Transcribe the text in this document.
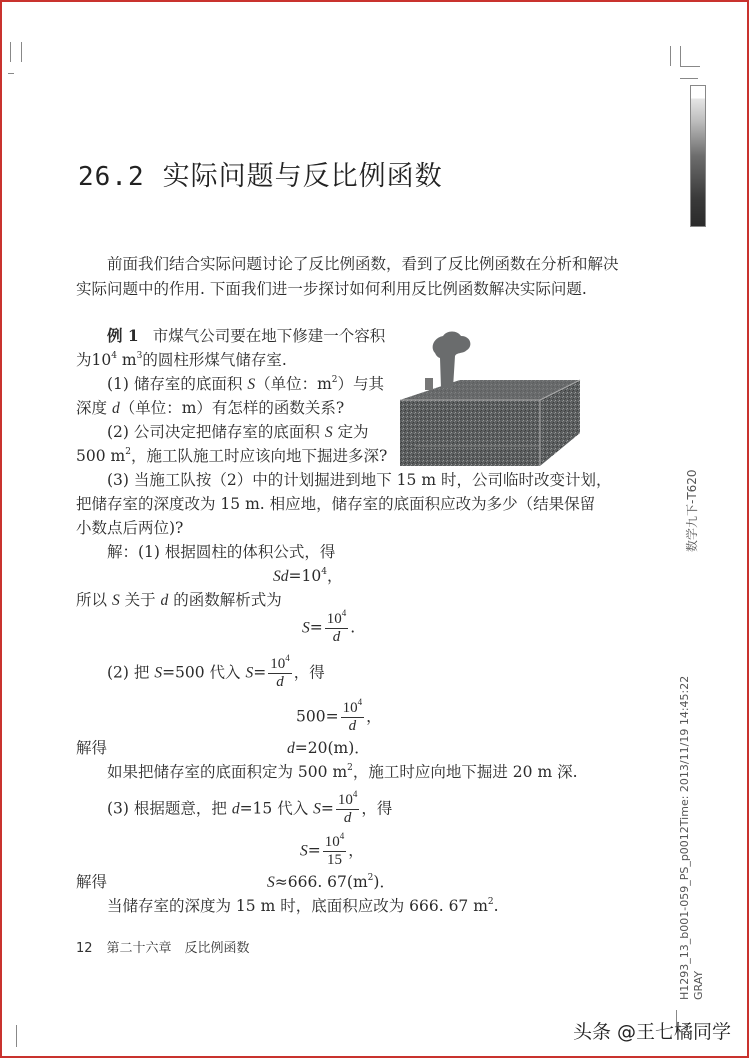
26.2 实际问题与反比例函数
前面我们结合实际问题讨论了反比例函数，看到了反比例函数在分析和解决
实际问题中的作用. 下面我们进一步探讨如何利用反比例函数解决实际问题.
例 1 市煤气公司要在地下修建一个容积
为$10^4$ $m^3$的圆柱形煤气储存室.
(1) 储存室的底面积 S（单位：$m^2$）与其
深度 d（单位：m）有怎样的函数关系?
(2) 公司决定把储存室的底面积 S 定为
500 $m^2$，施工队施工时应该向地下掘进多深?
(3) 当施工队按（2）中的计划掘进到地下 15 m 时，公司临时改变计划，
把储存室的深度改为 15 m. 相应地，储存室的底面积应改为多少（结果保留
小数点后两位)?
解：(1) 根据圆柱的体积公式，得
$Sd=10^4$，
所以 S 关于 d 的函数解析式为
$S= \frac{10^4}{d}$ .
(2) 把 S=500 代入 $S= \frac{10^4}{d}$ ，得
$500= \frac{10^4}{d}$ ，
解得	d=20(m)．
如果把储存室的底面积定为 500 $m^2$，施工时应向地下掘进 20 m 深.
(3) 根据题意，把 d=15 代入 $S= \frac{10^4}{d}$ ，得
$S= \frac{10^4}{15}$ ，
解得	S≈666. $67(m^2)$．
当储存室的深度为 15 m 时，底面积应改为 666. 67 $m^2$.
12 第二十六章　反比例函数
数学九下-T620
H1293_13_b001-059_PS_p0012Time: 2013/11/19 14:45:22 GRAY
头条 @王七橘同学
